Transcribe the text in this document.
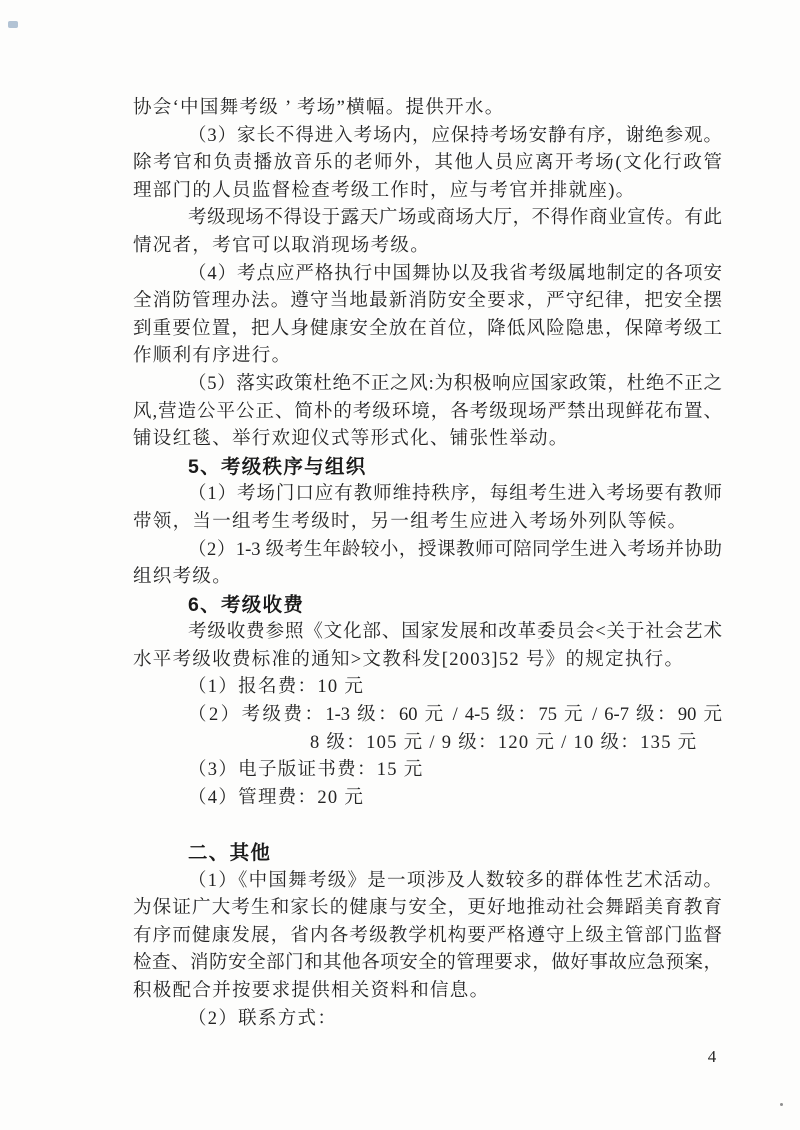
协会‘中国舞考级 ’ 考场”横幅。提供开水。
（3）家长不得进入考场内，应保持考场安静有序，谢绝参观。
除考官和负责播放音乐的老师外，其他人员应离开考场(文化行政管
理部门的人员监督检查考级工作时，应与考官并排就座)。
考级现场不得设于露天广场或商场大厅，不得作商业宣传。有此
情况者，考官可以取消现场考级。
（4）考点应严格执行中国舞协以及我省考级属地制定的各项安
全消防管理办法。遵守当地最新消防安全要求，严守纪律，把安全摆
到重要位置，把人身健康安全放在首位，降低风险隐患，保障考级工
作顺利有序进行。
（5）落实政策杜绝不正之风:为积极响应国家政策，杜绝不正之
风,营造公平公正、简朴的考级环境，各考级现场严禁出现鲜花布置、
铺设红毯、举行欢迎仪式等形式化、铺张性举动。
5、考级秩序与组织
（1）考场门口应有教师维持秩序，每组考生进入考场要有教师
带领，当一组考生考级时，另一组考生应进入考场外列队等候。
（2）1-3 级考生年龄较小，授课教师可陪同学生进入考场并协助
组织考级。
6、考级收费
考级收费参照《文化部、国家发展和改革委员会<关于社会艺术
水平考级收费标准的通知>文教科发[2003]52 号》的规定执行。
（1）报名费：10 元
（2）考级费：1-3 级：60 元 / 4-5 级：75 元 / 6-7 级：90 元
8 级：105 元 / 9 级：120 元 / 10 级：135 元
（3）电子版证书费：15 元
（4）管理费：20 元
二、其他
（1）《中国舞考级》是一项涉及人数较多的群体性艺术活动。
为保证广大考生和家长的健康与安全，更好地推动社会舞蹈美育教育
有序而健康发展，省内各考级教学机构要严格遵守上级主管部门监督
检查、消防安全部门和其他各项安全的管理要求，做好事故应急预案，
积极配合并按要求提供相关资料和信息。
（2）联系方式：
4
